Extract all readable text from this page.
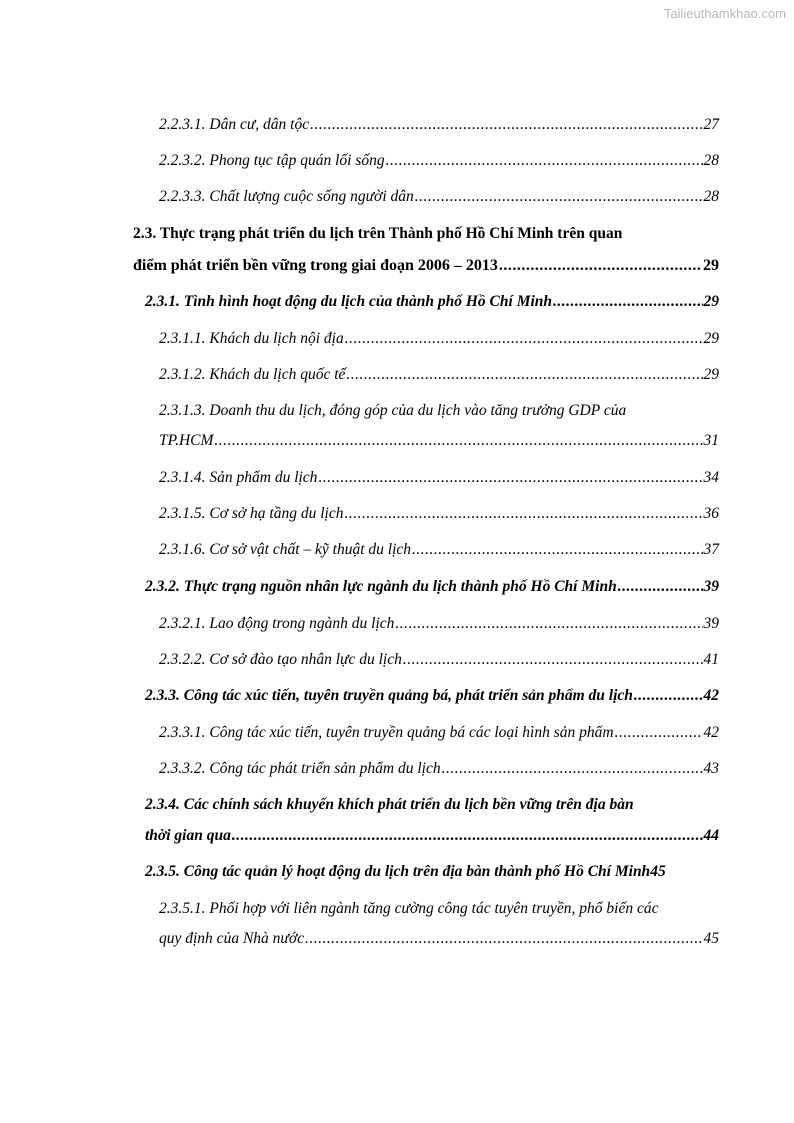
Tailieuthamkhao.com
2.2.3.1. Dân cư, dân tộc .....	27
2.2.3.2. Phong tục tập quán lối sống .....	28
2.2.3.3. Chất lượng cuộc sống người dân .....	28
2.3. Thực trạng phát triển du lịch trên Thành phố Hồ Chí Minh trên quan
điểm phát triển bền vững trong giai đoạn 2006 – 2013 .....	29
2.3.1. Tình hình hoạt động du lịch của thành phố Hồ Chí Minh .....	29
2.3.1.1. Khách du lịch nội địa .....	29
2.3.1.2. Khách du lịch quốc tế .....	29
2.3.1.3. Doanh thu du lịch, đóng góp của du lịch vào tăng trưởng GDP của
TP.HCM .....	31
2.3.1.4. Sản phẩm du lịch .....	34
2.3.1.5. Cơ sở hạ tầng du lịch .....	36
2.3.1.6. Cơ sở vật chất – kỹ thuật du lịch .....	37
2.3.2. Thực trạng nguồn nhân lực ngành du lịch thành phố Hồ Chí Minh .....	39
2.3.2.1. Lao động trong ngành du lịch .....	39
2.3.2.2. Cơ sở đào tạo nhân lực du lịch .....	41
2.3.3. Công tác xúc tiến, tuyên truyền quảng bá, phát triển sản phẩm du lịch .....	42
2.3.3.1. Công tác xúc tiến, tuyên truyền quảng bá các loại hình sản phẩm .....	42
2.3.3.2. Công tác phát triển sản phẩm du lịch .....	43
2.3.4. Các chính sách khuyến khích phát triển du lịch bền vững trên địa bàn
thời gian qua .....	44
2.3.5. Công tác quản lý hoạt động du lịch trên địa bàn thành phố Hồ Chí Minh 45
2.3.5.1. Phối hợp với liên ngành tăng cường công tác tuyên truyền, phổ biến các
quy định của Nhà nước .....	45
